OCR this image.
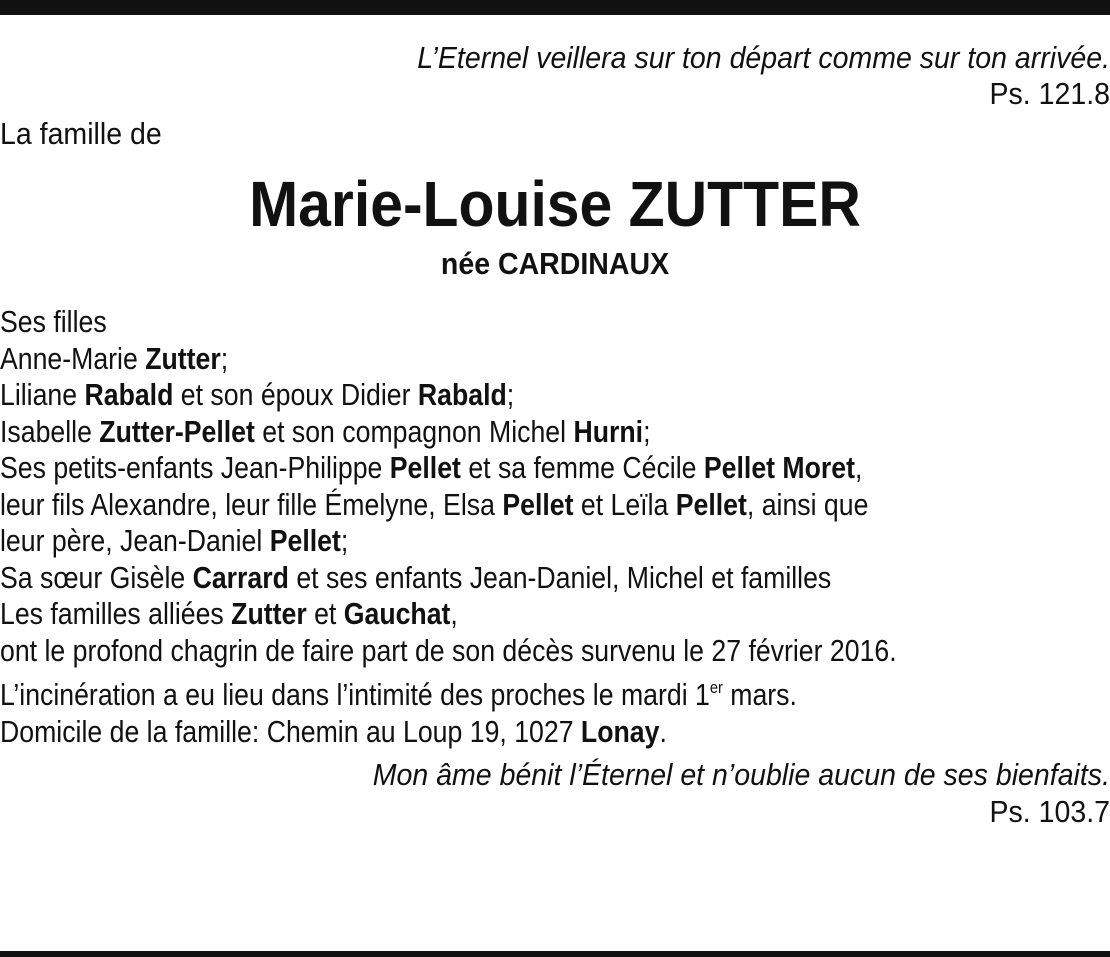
L’Eternel veillera sur ton départ comme sur ton arrivée.
Ps. 121.8
La famille de
Marie-Louise ZUTTER
née CARDINAUX
Ses filles
Anne-Marie Zutter;
Liliane Rabald et son époux Didier Rabald;
Isabelle Zutter-Pellet et son compagnon Michel Hurni;
Ses petits-enfants Jean-Philippe Pellet et sa femme Cécile Pellet Moret,
leur fils Alexandre, leur fille Émelyne, Elsa Pellet et Leïla Pellet, ainsi que
leur père, Jean-Daniel Pellet;
Sa sœur Gisèle Carrard et ses enfants Jean-Daniel, Michel et familles
Les familles alliées Zutter et Gauchat,
ont le profond chagrin de faire part de son décès survenu le 27 février 2016.
L’incinération a eu lieu dans l’intimité des proches le mardi 1er mars.
Domicile de la famille: Chemin au Loup 19, 1027 Lonay.
Mon âme bénit l’Éternel et n’oublie aucun de ses bienfaits.
Ps. 103.7
